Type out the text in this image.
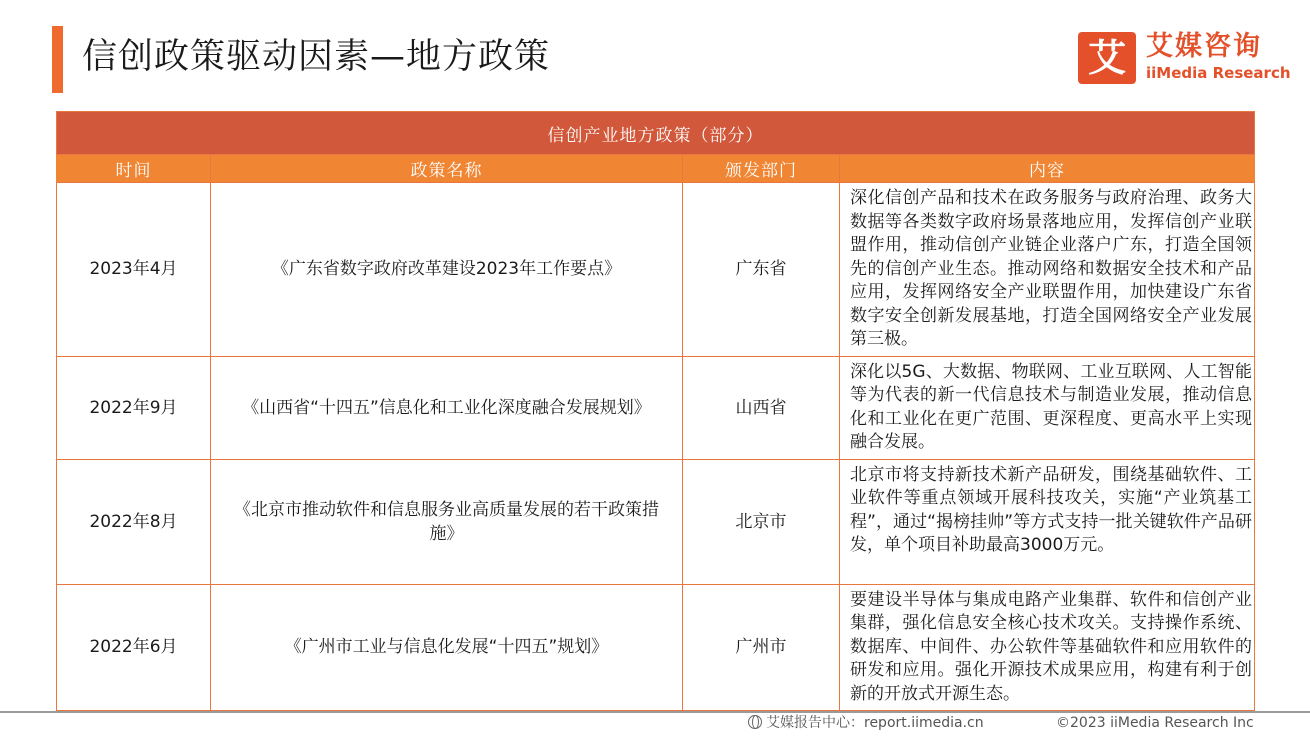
信创政策驱动因素—地方政策	艾 艾媒咨询
iiMedia Research
信创产业地方政策（部分）			
时间	政策名称	颁发部门	内容
2023年4月	《广东省数字政府改革建设2023年工作要点》	广东省	深化信创产品和技术在政务服务与政府治理、政务大数据等各类数字政府场景落地应用，发挥信创产业联盟作用，推动信创产业链企业落户广东，打造全国领先的信创产业生态。推动网络和数据安全技术和产品应用，发挥网络安全产业联盟作用，加快建设广东省数字安全创新发展基地，打造全国网络安全产业发展第三极。
2022年9月	《山西省“十四五”信息化和工业化深度融合发展规划》	山西省	深化以5G、大数据、物联网、工业互联网、人工智能等为代表的新一代信息技术与制造业发展，推动信息化和工业化在更广范围、更深程度、更高水平上实现融合发展。
2022年8月	《北京市推动软件和信息服务业高质量发展的若干政策措施》	北京市	北京市将支持新技术新产品研发，围绕基础软件、工业软件等重点领域开展科技攻关，实施“产业筑基工程”，通过“揭榜挂帅”等方式支持一批关键软件产品研发，单个项目补助最高3000万元。
2022年6月	《广州市工业与信息化发展“十四五”规划》	广州市	要建设半导体与集成电路产业集群、软件和信创产业集群，强化信息安全核心技术攻关。支持操作系统、数据库、中间件、办公软件等基础软件和应用软件的研发和应用。强化开源技术成果应用，构建有利于创新的开放式开源生态。
艾媒报告中心：report.iimedia.cn	©2023 iiMedia Research Inc
